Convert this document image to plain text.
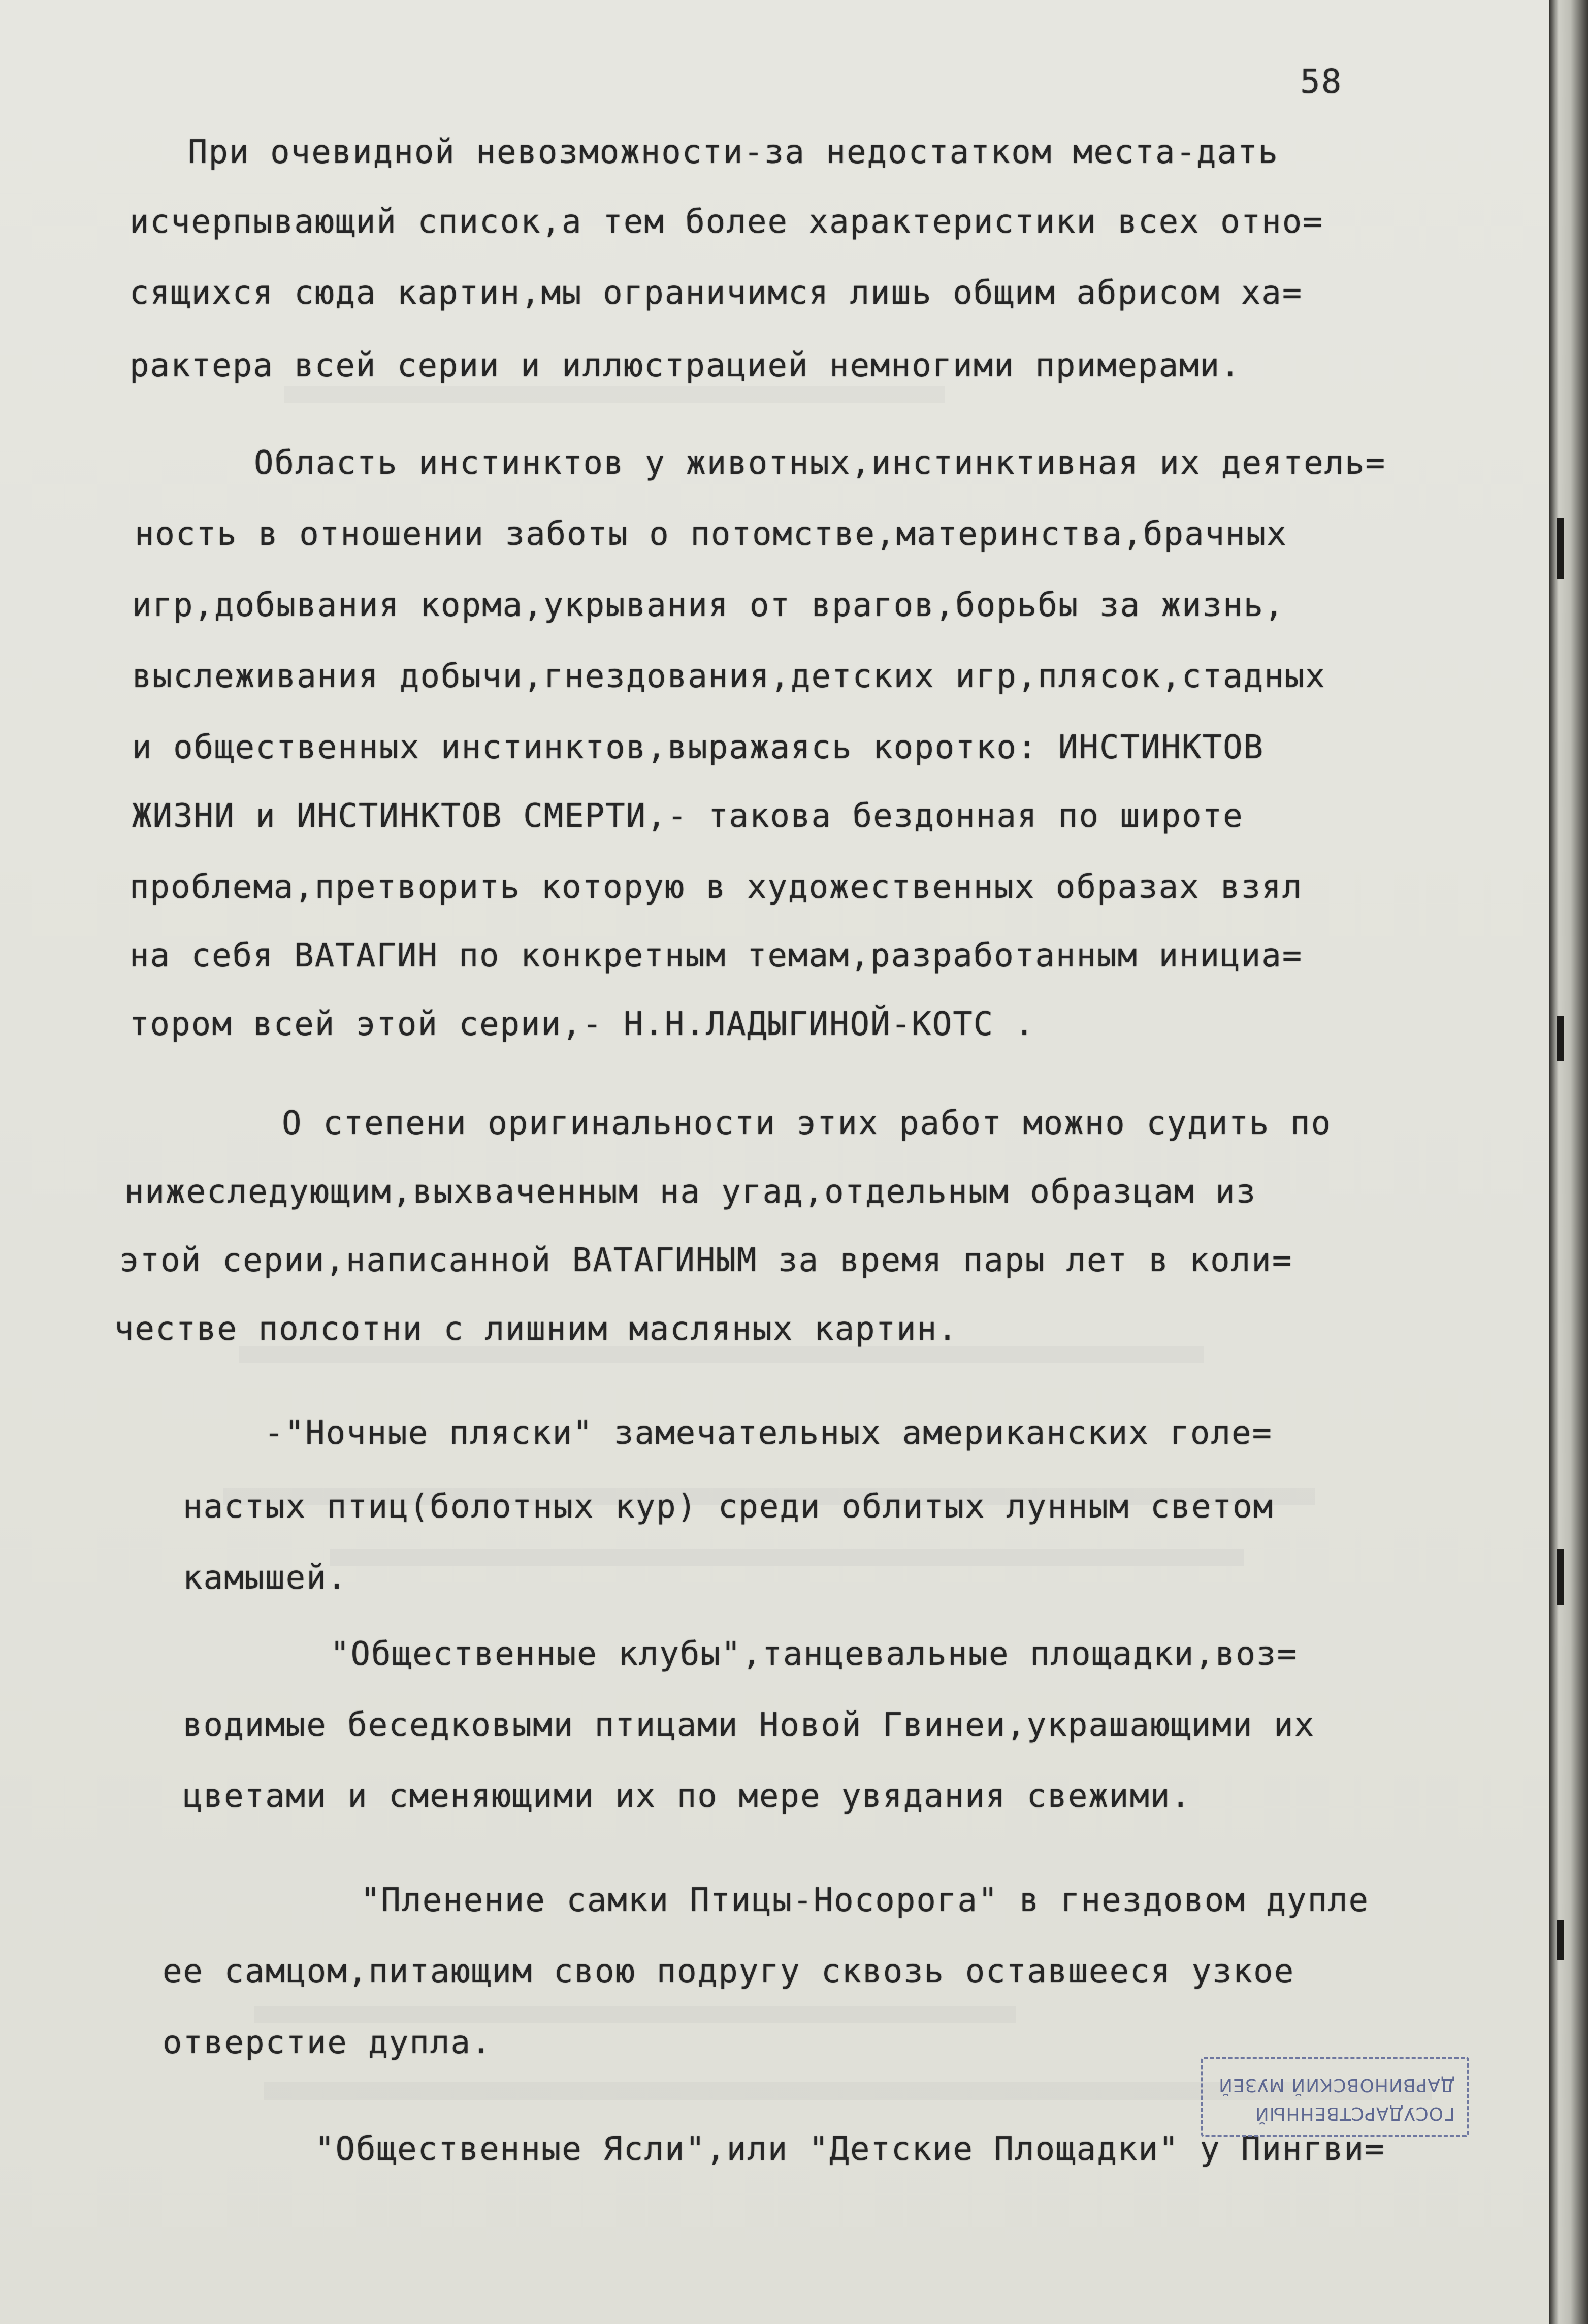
58
При очевидной невозможности-за недостатком места-дать
исчерпывающий список,а тем более характеристики всех отно=
сящихся сюда картин,мы ограничимся лишь общим абрисом ха=
рактера всей серии и иллюстрацией немногими примерами.
Область инстинктов у животных,инстинктивная их деятель=
ность в отношении заботы о потомстве,материнства,брачных
игр,добывания корма,укрывания от врагов,борьбы за жизнь,
выслеживания добычи,гнездования,детских игр,плясок,стадных
и общественных инстинктов,выражаясь коротко: ИНСТИНКТОВ
ЖИЗНИ и ИНСТИНКТОВ СМЕРТИ,- такова бездонная по широте
проблема,претворить которую в художественных образах взял
на себя ВАТАГИН по конкретным темам,разработанным инициа=
тором всей этой серии,- Н.Н.ЛАДЫГИНОЙ-КОТС .
О степени оригинальности этих работ можно судить по
нижеследующим,выхваченным на угад,отдельным образцам из
этой серии,написанной ВАТАГИНЫМ за время пары лет в коли=
честве полсотни с лишним масляных картин.
-"Ночные пляски" замечательных американских голе=
настых птиц(болотных кур) среди облитых лунным светом
камышей.
"Общественные клубы",танцевальные площадки,воз=
водимые беседковыми птицами Новой Гвинеи,украшающими их
цветами и сменяющими их по мере увядания свежими.
"Пленение самки Птицы-Носорога" в гнездовом дупле
ее самцом,питающим свою подругу сквозь оставшееся узкое
отверстие дупла.
"Общественные Ясли",или "Детские Площадки" у Пингви=
ГОСУДАРСТВЕННЫЙ
ДАРВИНОВСКИЙ МУЗЕЙ
